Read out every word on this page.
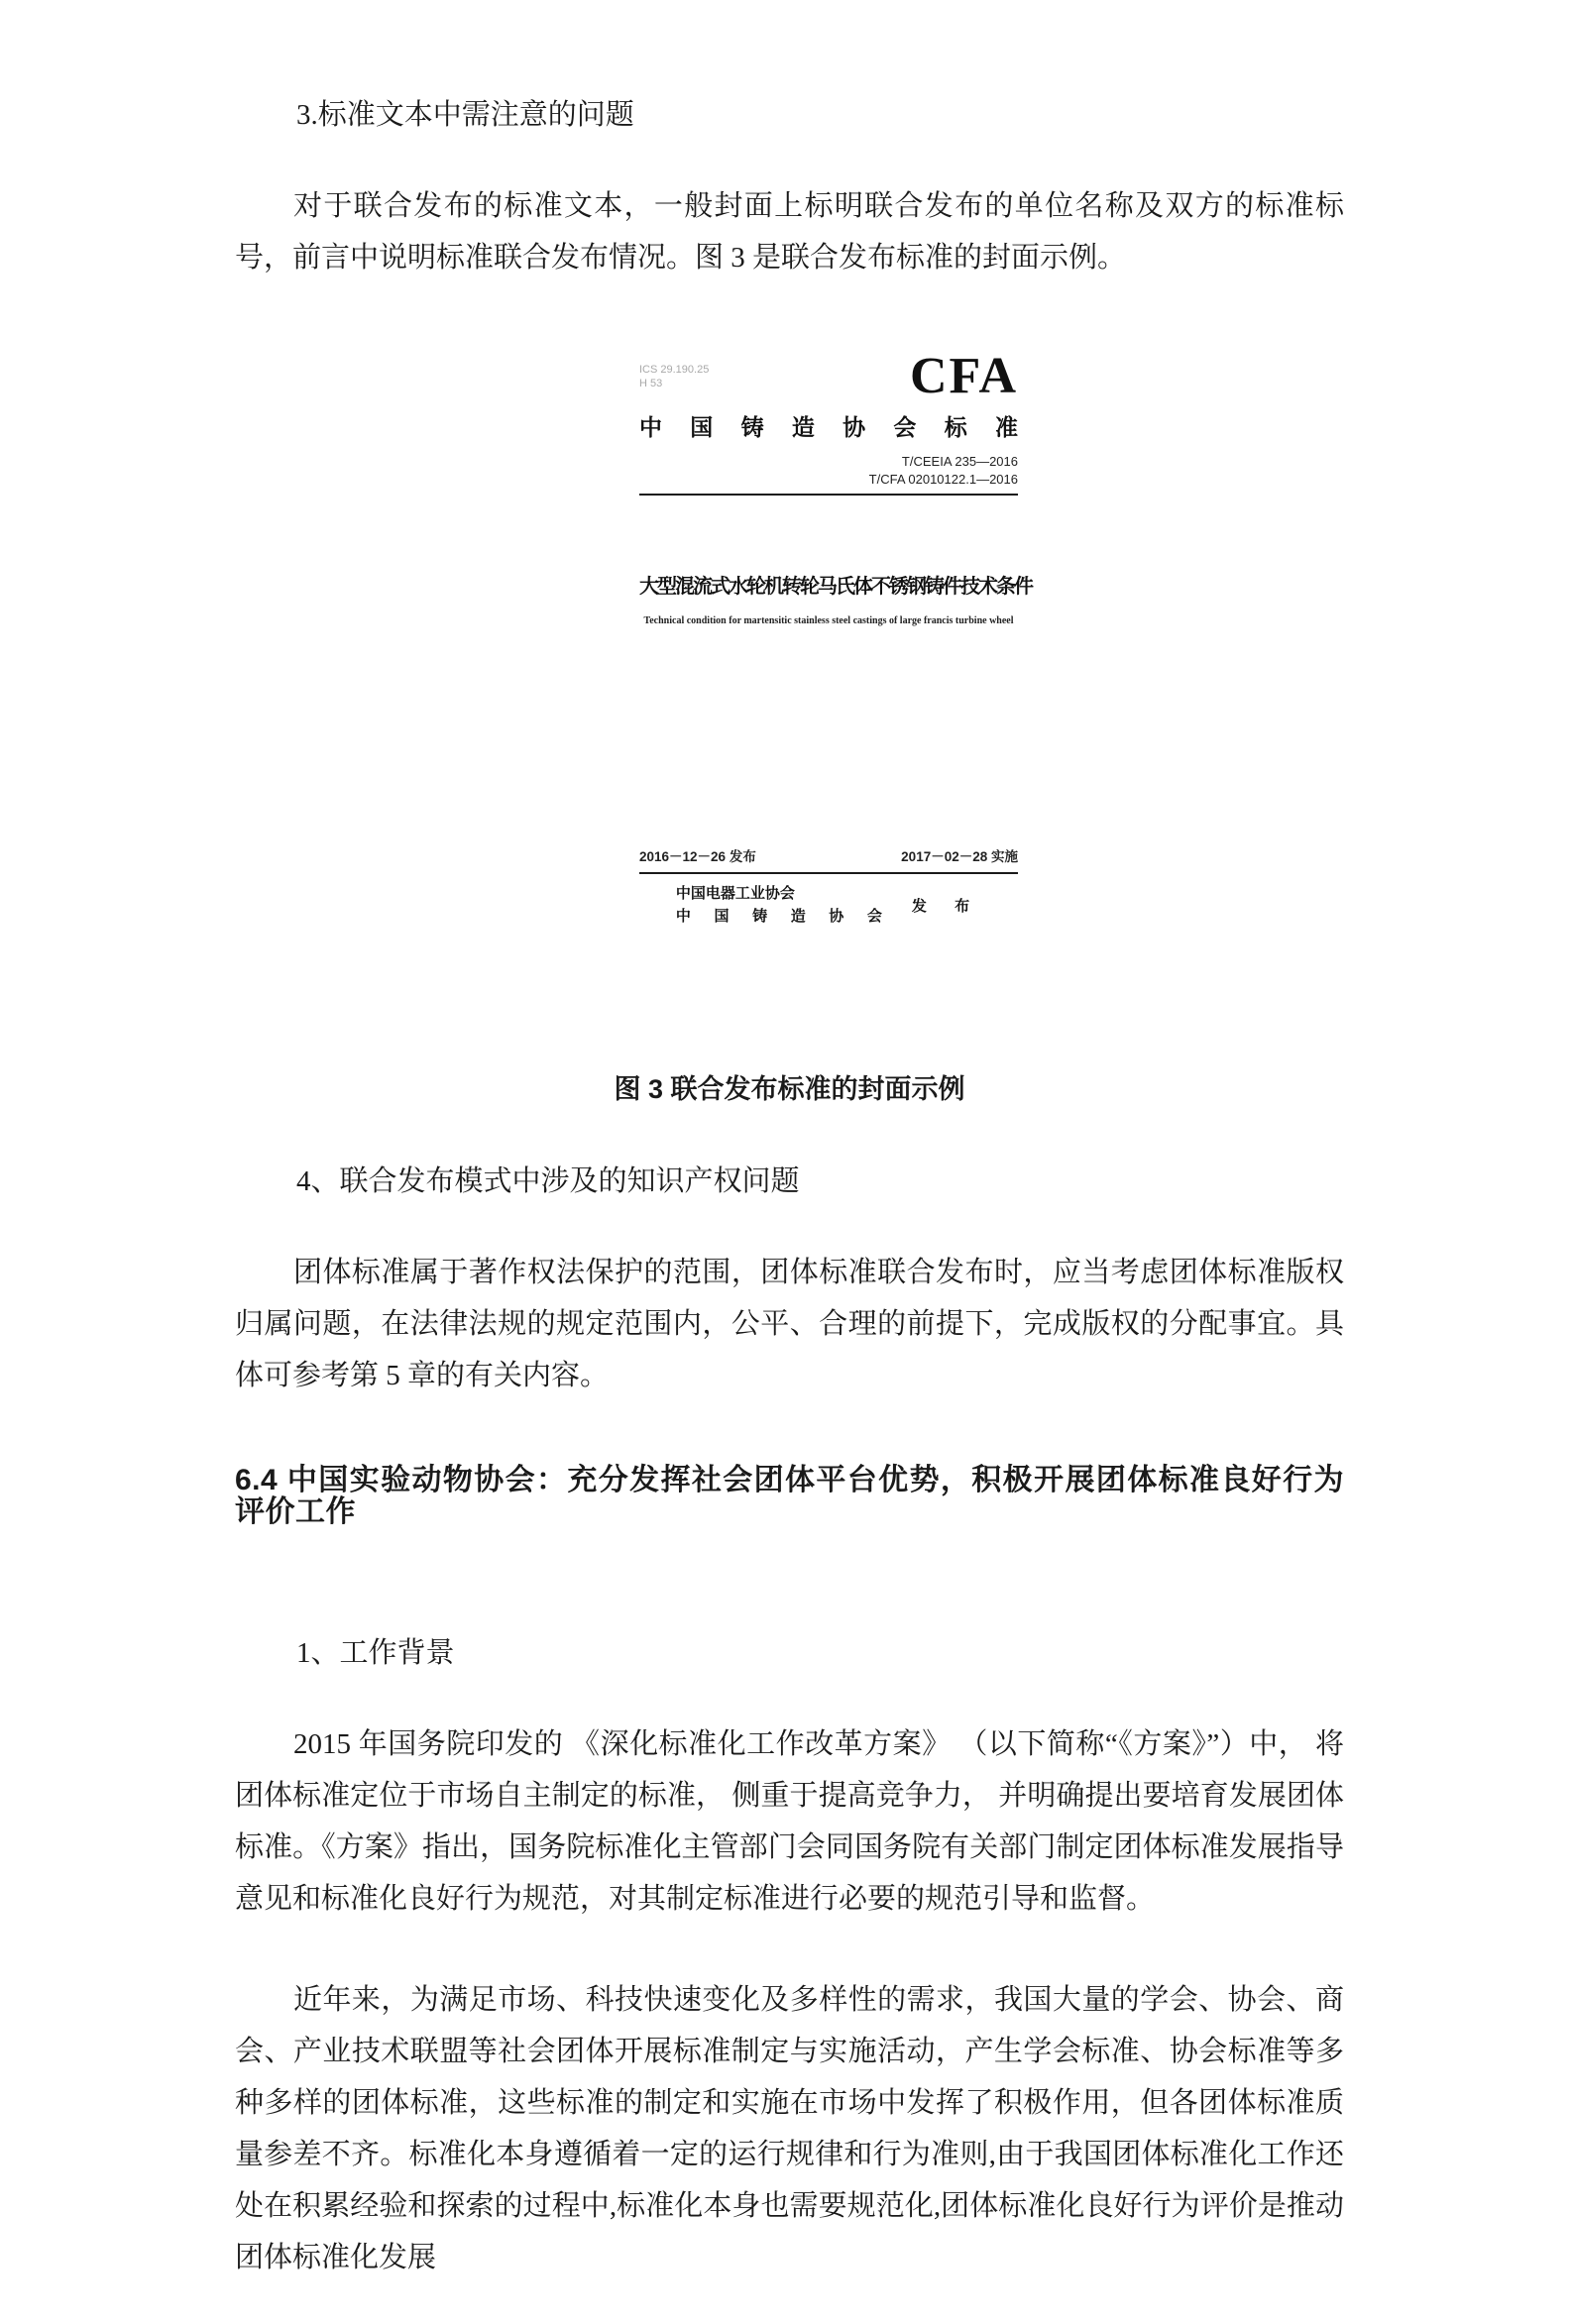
3.标准文本中需注意的问题

对于联合发布的标准文本，一般封面上标明联合发布的单位名称及双方的标准标号，前言中说明标准联合发布情况。图 3 是联合发布标准的封面示例。

ICS 29.190.25
H 53	CFA
中国铸造协会标准
T/CEEIA 235—2016
T/CFA 02010122.1—2016
大型混流式水轮机转轮马氏体不锈钢铸件技术条件
Technical condition for martensitic stainless steel castings of large francis turbine wheel
2016－12－26 发布	2017－02－28 实施
中国电器工业协会
中国铸造协会
发 布
图 3 联合发布标准的封面示例
4、联合发布模式中涉及的知识产权问题

团体标准属于著作权法保护的范围，团体标准联合发布时，应当考虑团体标准版权归属问题，在法律法规的规定范围内，公平、合理的前提下，完成版权的分配事宜。具体可参考第 5 章的有关内容。

6.4 中国实验动物协会：充分发挥社会团体平台优势，积极开展团体标准良好行为评价工作
1、工作背景

2015 年国务院印发的 《深化标准化工作改革方案》 （以下简称“《方案》”）中， 将团体标准定位于市场自主制定的标准， 侧重于提高竞争力， 并明确提出要培育发展团体标准。《方案》指出，国务院标准化主管部门会同国务院有关部门制定团体标准发展指导意见和标准化良好行为规范，对其制定标准进行必要的规范引导和监督。

近年来，为满足市场、科技快速变化及多样性的需求，我国大量的学会、协会、商会、产业技术联盟等社会团体开展标准制定与实施活动，产生学会标准、协会标准等多种多样的团体标准，这些标准的制定和实施在市场中发挥了积极作用，但各团体标准质量参差不齐。标准化本身遵循着一定的运行规律和行为准则,由于我国团体标准化工作还处在积累经验和探索的过程中,标准化本身也需要规范化,团体标准化良好行为评价是推动团体标准化发展
